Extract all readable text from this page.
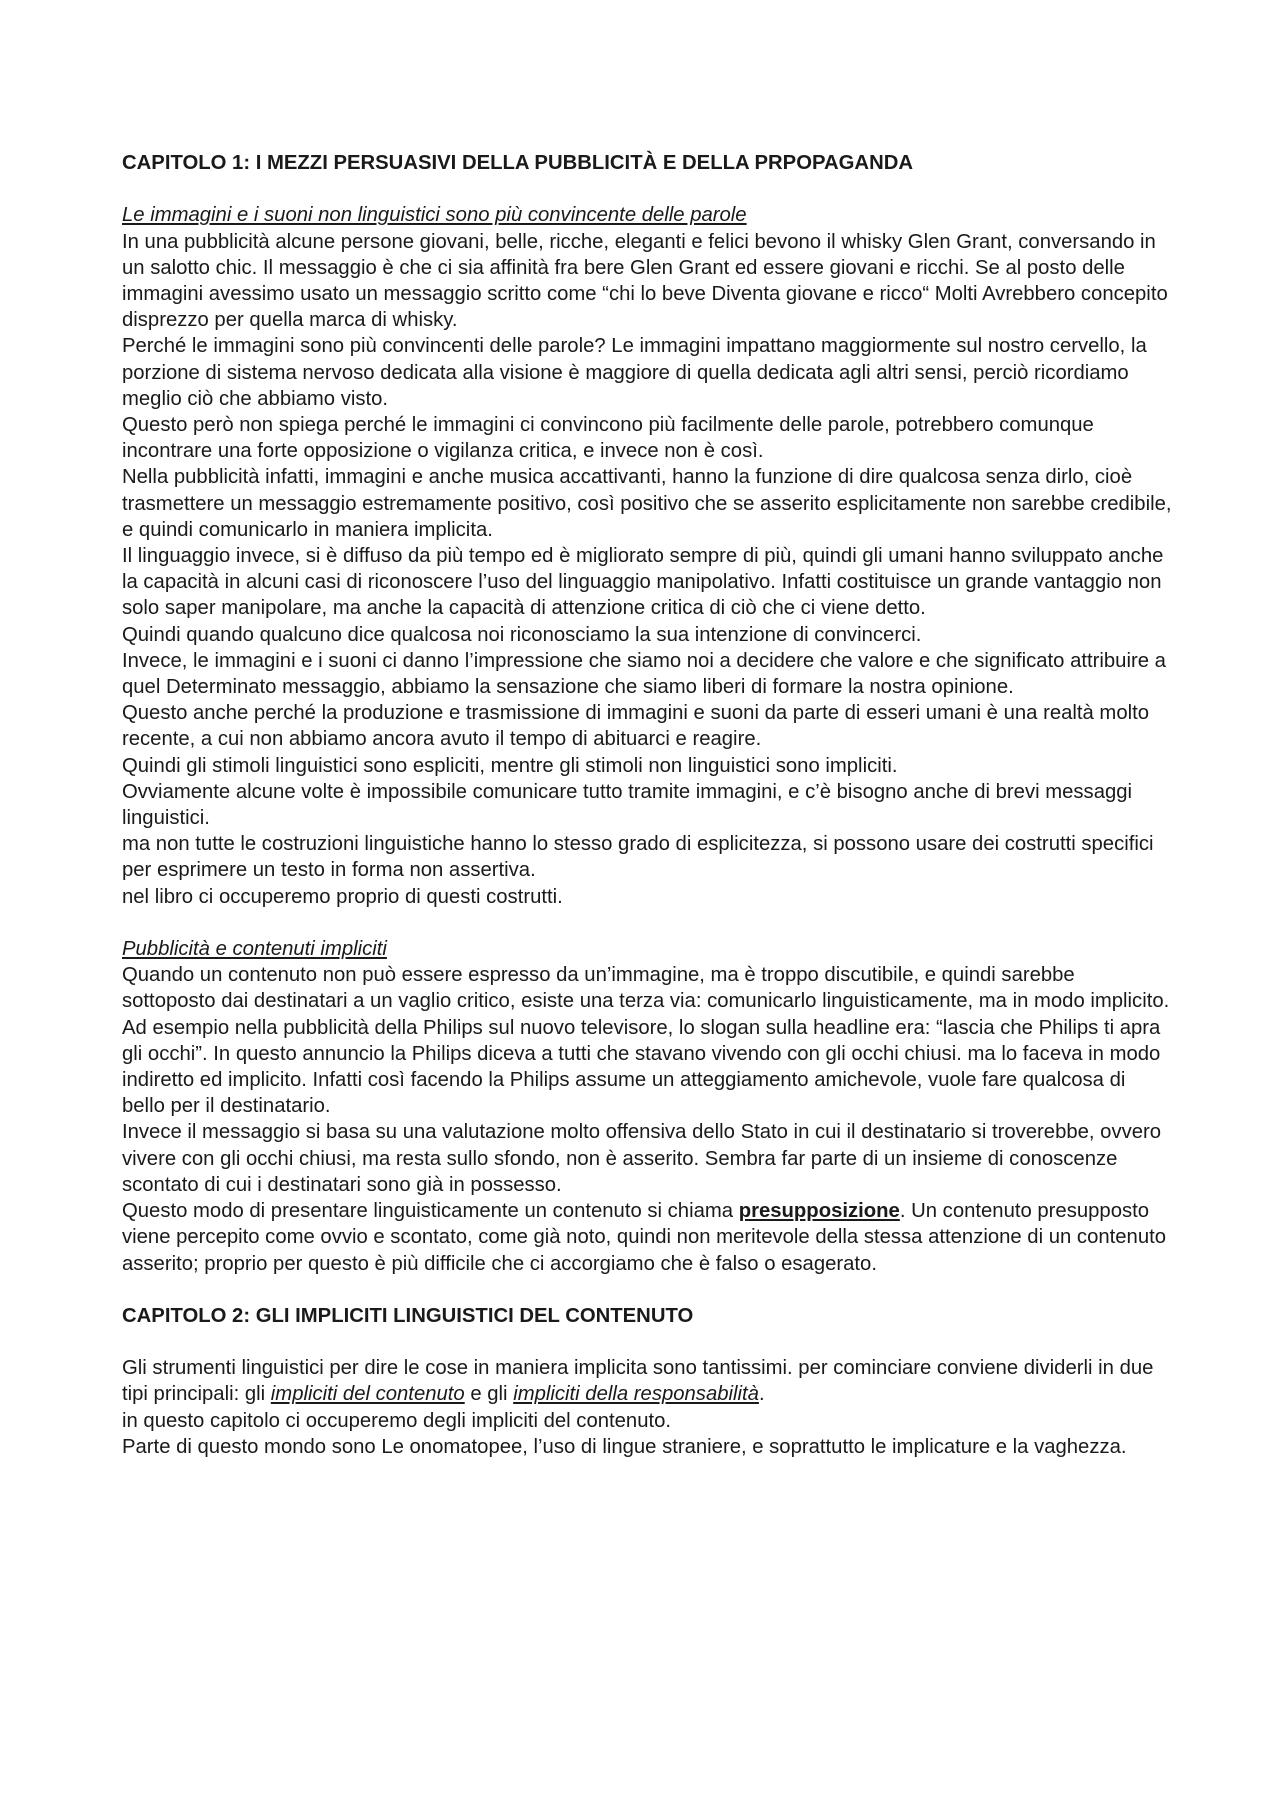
CAPITOLO 1: I MEZZI PERSUASIVI DELLA PUBBLICITÀ E DELLA PRPOPAGANDA

Le immagini e i suoni non linguistici sono più convincente delle parole

In una pubblicità alcune persone giovani, belle, ricche, eleganti e felici bevono il whisky Glen Grant, conversando in un salotto chic. Il messaggio è che ci sia affinità fra bere Glen Grant ed essere giovani e ricchi. Se al posto delle immagini avessimo usato un messaggio scritto come “chi lo beve Diventa giovane e ricco“ Molti Avrebbero concepito disprezzo per quella marca di whisky.

Perché le immagini sono più convincenti delle parole? Le immagini impattano maggiormente sul nostro cervello, la porzione di sistema nervoso dedicata alla visione è maggiore di quella dedicata agli altri sensi, perciò ricordiamo meglio ciò che abbiamo visto.

Questo però non spiega perché le immagini ci convincono più facilmente delle parole, potrebbero comunque incontrare una forte opposizione o vigilanza critica, e invece non è così.

Nella pubblicità infatti, immagini e anche musica accattivanti, hanno la funzione di dire qualcosa senza dirlo, cioè trasmettere un messaggio estremamente positivo, così positivo che se asserito esplicitamente non sarebbe credibile, e quindi comunicarlo in maniera implicita.

Il linguaggio invece, si è diffuso da più tempo ed è migliorato sempre di più, quindi gli umani hanno sviluppato anche la capacità in alcuni casi di riconoscere l’uso del linguaggio manipolativo. Infatti costituisce un grande vantaggio non solo saper manipolare, ma anche la capacità di attenzione critica di ciò che ci viene detto.

Quindi quando qualcuno dice qualcosa noi riconosciamo la sua intenzione di convincerci.

Invece, le immagini e i suoni ci danno l’impressione che siamo noi a decidere che valore e che significato attribuire a quel Determinato messaggio, abbiamo la sensazione che siamo liberi di formare la nostra opinione.

Questo anche perché la produzione e trasmissione di immagini e suoni da parte di esseri umani è una realtà molto recente, a cui non abbiamo ancora avuto il tempo di abituarci e reagire.

Quindi gli stimoli linguistici sono espliciti, mentre gli stimoli non linguistici sono impliciti.

Ovviamente alcune volte è impossibile comunicare tutto tramite immagini, e c’è bisogno anche di brevi messaggi linguistici.

ma non tutte le costruzioni linguistiche hanno lo stesso grado di esplicitezza, si possono usare dei costrutti specifici per esprimere un testo in forma non assertiva.

nel libro ci occuperemo proprio di questi costrutti.

Pubblicità e contenuti impliciti

Quando un contenuto non può essere espresso da un’immagine, ma è troppo discutibile, e quindi sarebbe sottoposto dai destinatari a un vaglio critico, esiste una terza via: comunicarlo linguisticamente, ma in modo implicito.

Ad esempio nella pubblicità della Philips sul nuovo televisore, lo slogan sulla headline era: “lascia che Philips ti apra gli occhi”. In questo annuncio la Philips diceva a tutti che stavano vivendo con gli occhi chiusi. ma lo faceva in modo indiretto ed implicito. Infatti così facendo la Philips assume un atteggiamento amichevole, vuole fare qualcosa di bello per il destinatario.

Invece il messaggio si basa su una valutazione molto offensiva dello Stato in cui il destinatario si troverebbe, ovvero vivere con gli occhi chiusi, ma resta sullo sfondo, non è asserito. Sembra far parte di un insieme di conoscenze scontato di cui i destinatari sono già in possesso.

Questo modo di presentare linguisticamente un contenuto si chiama presupposizione. Un contenuto presupposto viene percepito come ovvio e scontato, come già noto, quindi non meritevole della stessa attenzione di un contenuto asserito; proprio per questo è più difficile che ci accorgiamo che è falso o esagerato.

CAPITOLO 2: GLI IMPLICITI LINGUISTICI DEL CONTENUTO

Gli strumenti linguistici per dire le cose in maniera implicita sono tantissimi. per cominciare conviene dividerli in due tipi principali: gli impliciti del contenuto e gli impliciti della responsabilità.

in questo capitolo ci occuperemo degli impliciti del contenuto.

Parte di questo mondo sono Le onomatopee, l’uso di lingue straniere, e soprattutto le implicature e la vaghezza.
